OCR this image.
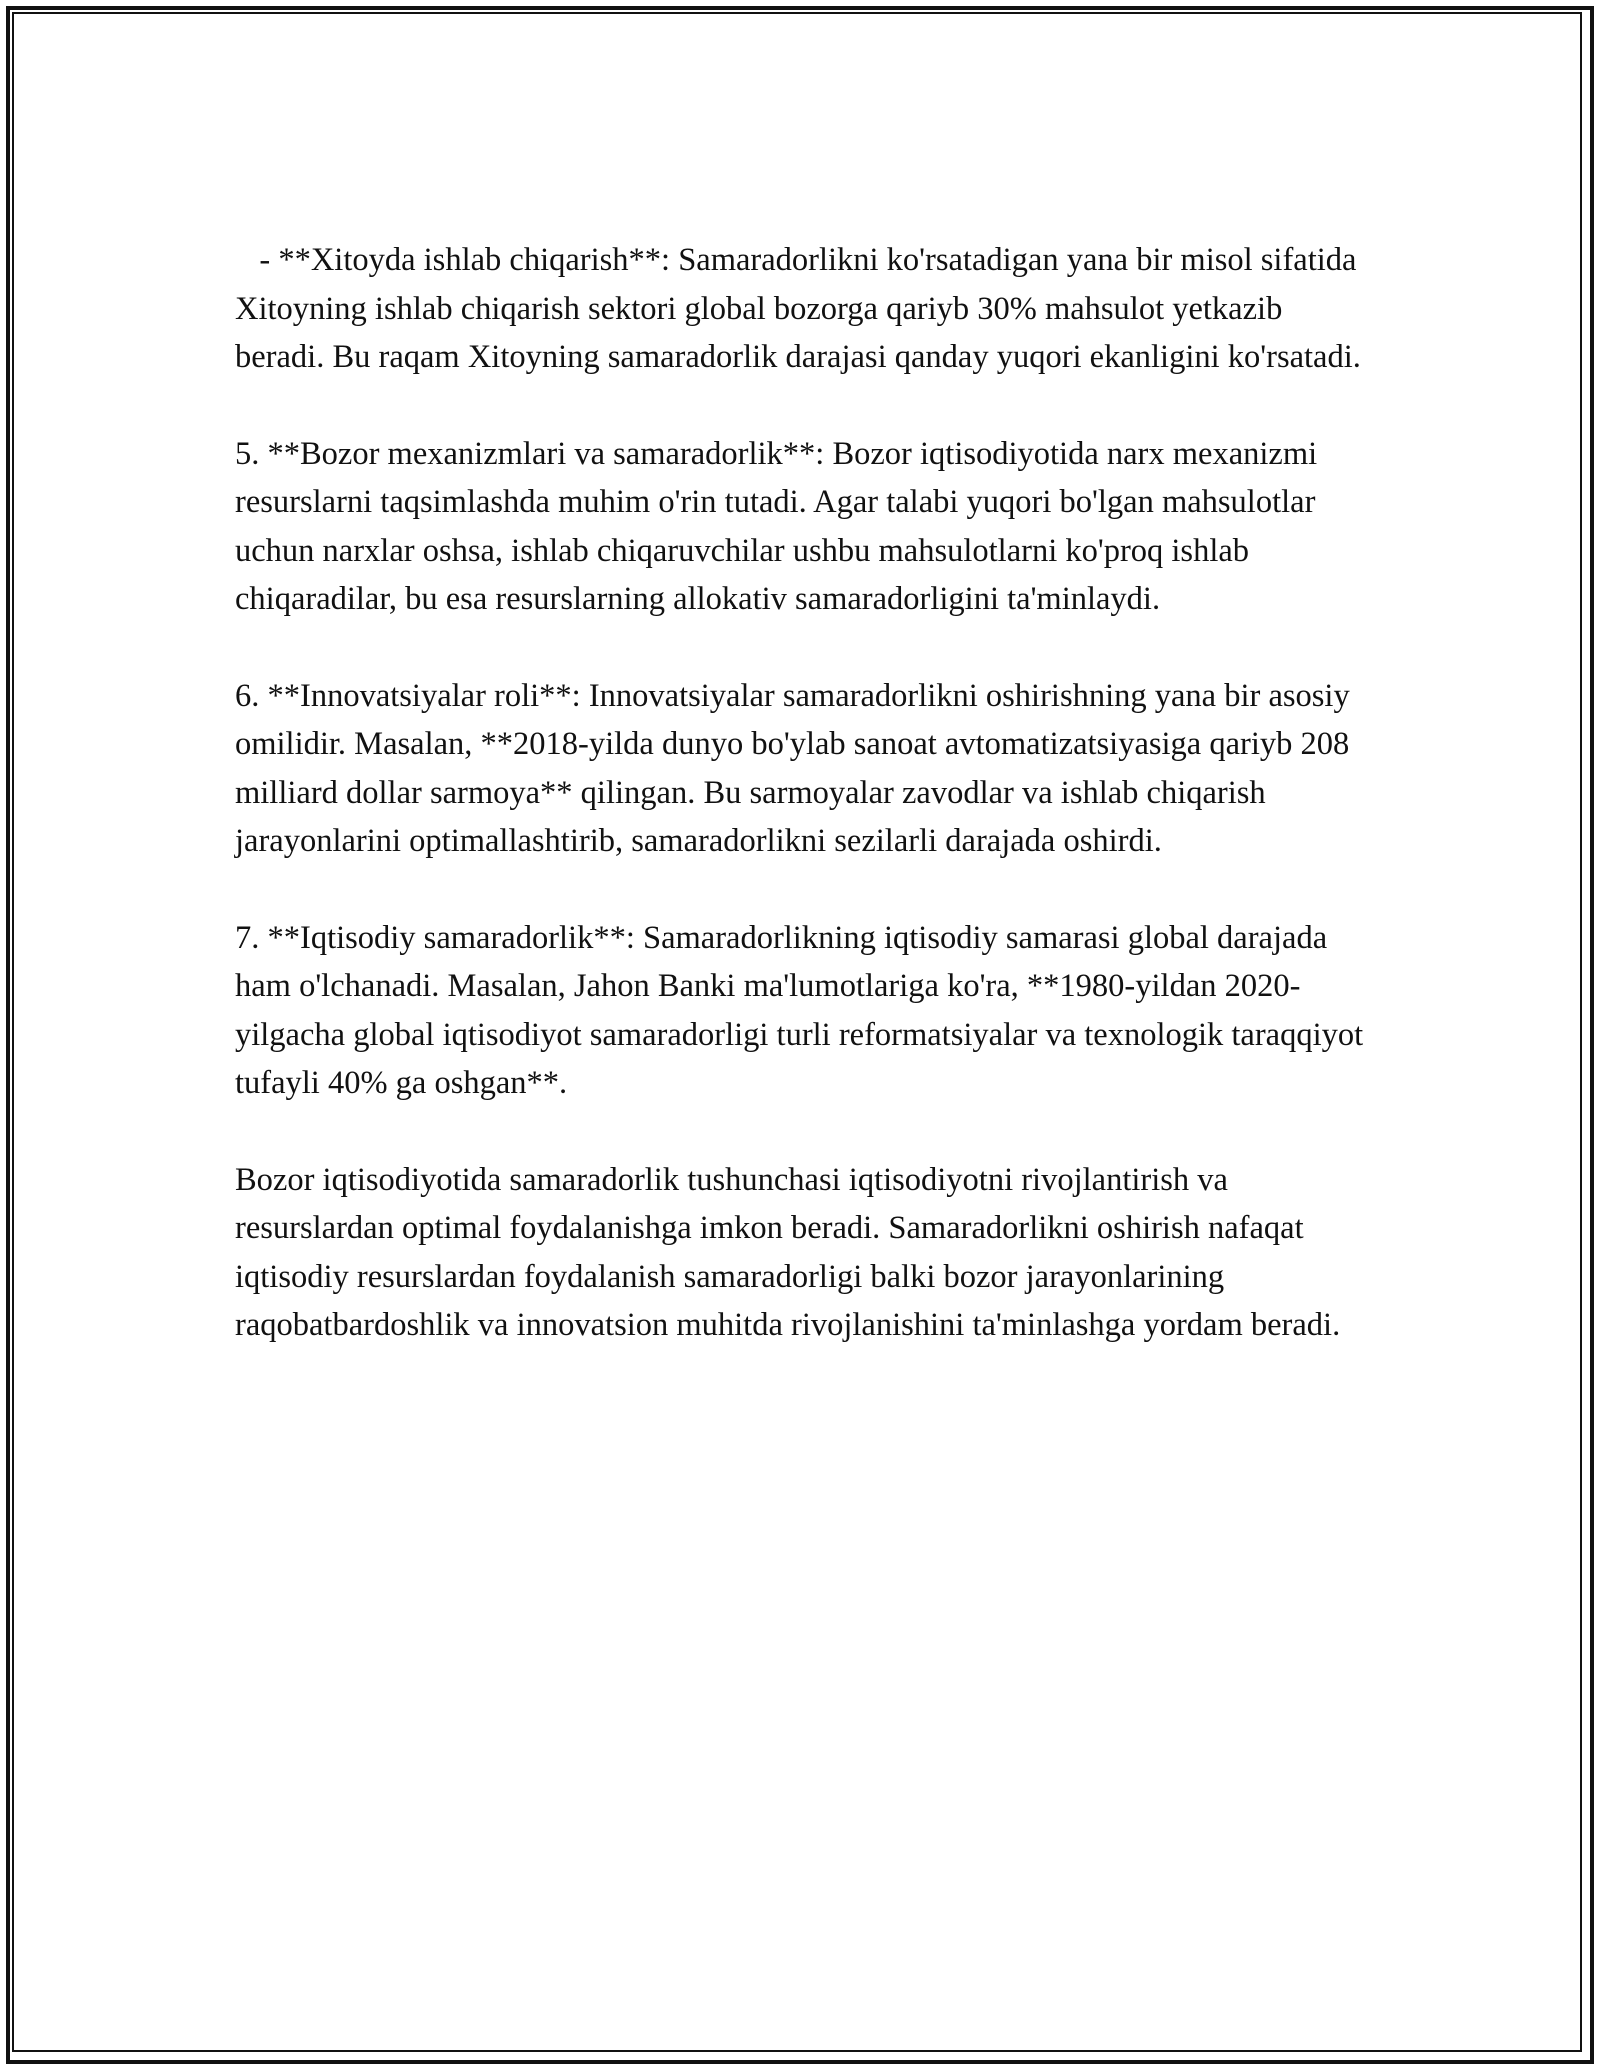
- **Xitoyda ishlab chiqarish**: Samaradorlikni ko'rsatadigan yana bir misol sifatida Xitoyning ishlab chiqarish sektori global bozorga qariyb 30% mahsulot yetkazib beradi. Bu raqam Xitoyning samaradorlik darajasi qanday yuqori ekanligini ko'rsatadi.

5. **Bozor mexanizmlari va samaradorlik**: Bozor iqtisodiyotida narx mexanizmi resurslarni taqsimlashda muhim o'rin tutadi. Agar talabi yuqori bo'lgan mahsulotlar uchun narxlar oshsa, ishlab chiqaruvchilar ushbu mahsulotlarni ko'proq ishlab chiqaradilar, bu esa resurslarning allokativ samaradorligini ta'minlaydi.

6. **Innovatsiyalar roli**: Innovatsiyalar samaradorlikni oshirishning yana bir asosiy omilidir. Masalan, **2018-yilda dunyo bo'ylab sanoat avtomatizatsiyasiga qariyb 208 milliard dollar sarmoya** qilingan. Bu sarmoyalar zavodlar va ishlab chiqarish jarayonlarini optimallashtirib, samaradorlikni sezilarli darajada oshirdi.

7. **Iqtisodiy samaradorlik**: Samaradorlikning iqtisodiy samarasi global darajada ham o'lchanadi. Masalan, Jahon Banki ma'lumotlariga ko'ra, **1980-yildan 2020-yilgacha global iqtisodiyot samaradorligi turli reformatsiyalar va texnologik taraqqiyot tufayli 40% ga oshgan**.

Bozor iqtisodiyotida samaradorlik tushunchasi iqtisodiyotni rivojlantirish va resurslardan optimal foydalanishga imkon beradi. Samaradorlikni oshirish nafaqat iqtisodiy resurslardan foydalanish samaradorligi balki bozor jarayonlarining raqobatbardoshlik va innovatsion muhitda rivojlanishini ta'minlashga yordam beradi.
